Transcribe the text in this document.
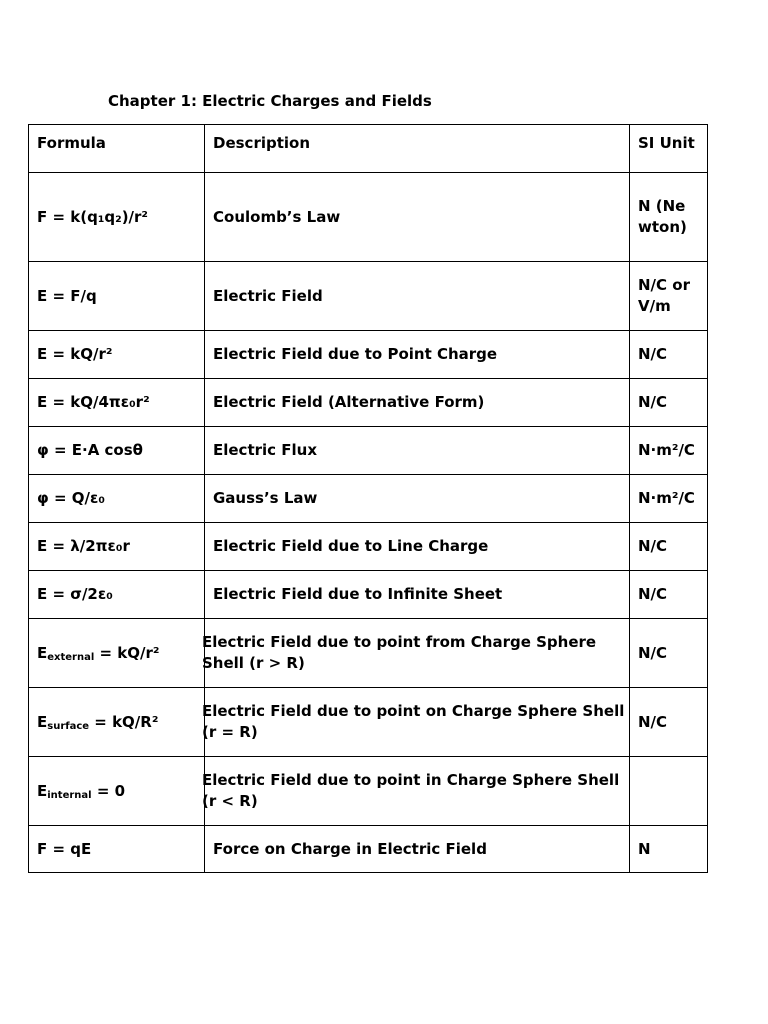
Chapter 1: Electric Charges and Fields
Formula	Description	SI Unit
F = k(q₁q₂)/r²	Coulomb’s Law	N (Newton)
E = F/q	Electric Field	N/C or V/m
E = kQ/r²	Electric Field due to Point Charge	N/C
E = kQ/4πε₀r²	Electric Field (Alternative Form)	N/C
φ = E·A cosθ	Electric Flux	N·m²/C
φ = Q/ε₀	Gauss’s Law	N·m²/C
E = λ/2πε₀r	Electric Field due to Line Charge	N/C
E = σ/2ε₀	Electric Field due to Infinite Sheet	N/C
$E_{external} = kQ/r^2$	Electric Field due to point from Charge Sphere Shell (r > R)	N/C
$E_{surface} = kQ/R^2$	Electric Field due to point on Charge Sphere Shell (r = R)	N/C
$E_{internal} = 0$	Electric Field due to point in Charge Sphere Shell (r < R)	

F = qE	Force on Charge in Electric Field	N
